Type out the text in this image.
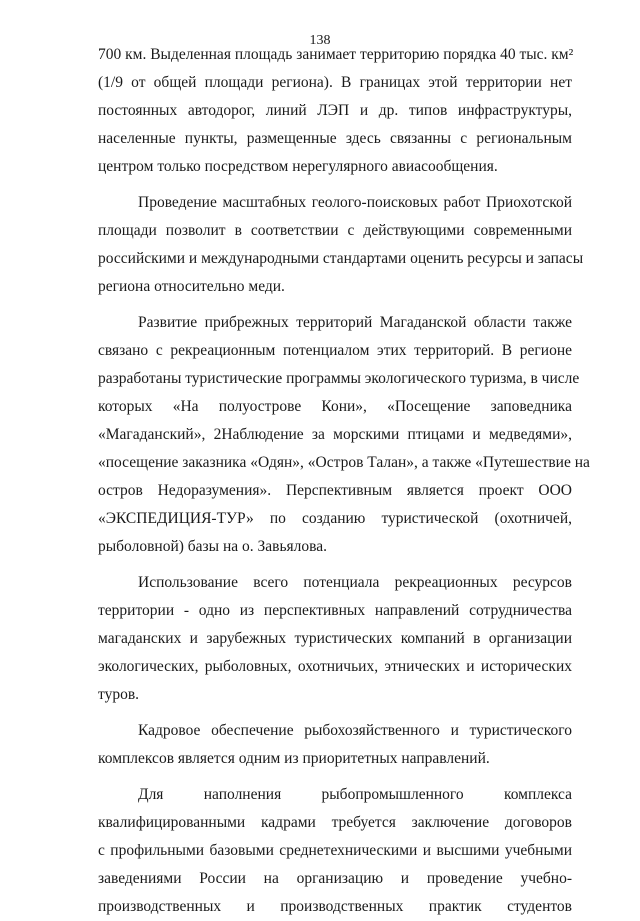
138
700 км. Выделенная площадь занимает территорию порядка 40 тыс. км²
(1/9 от общей площади региона). В границах этой территории нет
постоянных автодорог, линий ЛЭП и др. типов инфраструктуры,
населенные пункты, размещенные здесь связанны с региональным
центром только посредством нерегулярного авиасообщения.
Проведение масштабных геолого-поисковых работ Приохотской
площади позволит в соответствии с действующими современными
российскими и международными стандартами оценить ресурсы и запасы
региона относительно меди.
Развитие прибрежных территорий Магаданской области также
связано с рекреационным потенциалом этих территорий. В регионе
разработаны туристические программы экологического туризма, в числе
которых «На полуострове Кони», «Посещение заповедника
«Магаданский», 2Наблюдение за морскими птицами и медведями»,
«посещение заказника «Одян», «Остров Талан», а также «Путешествие на
остров Недоразумения». Перспективным является проект ООО
«ЭКСПЕДИЦИЯ-ТУР» по созданию туристической (охотничей,
рыболовной) базы на о. Завьялова.
Использование всего потенциала рекреационных ресурсов
территории - одно из перспективных направлений сотрудничества
магаданских и зарубежных туристических компаний в организации
экологических, рыболовных, охотничьих, этнических и исторических
туров.
Кадровое обеспечение рыбохозяйственного и туристического
комплексов является одним из приоритетных направлений.
Для наполнения рыбопромышленного комплекса
квалифицированными кадрами требуется заключение договоров
с профильными базовыми среднетехническими и высшими учебными
заведениями России на организацию и проведение учебно-
производственных и производственных практик студентов
